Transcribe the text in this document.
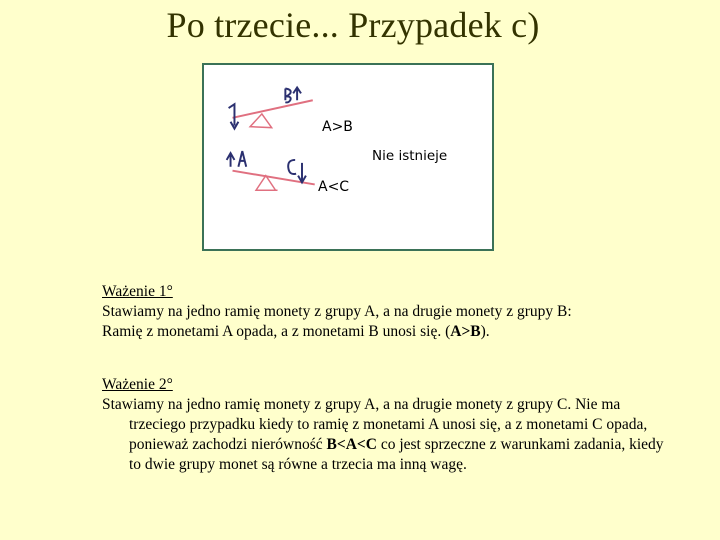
Po trzecie... Przypadek c)
A>B
A<C
Nie istnieje
Ważenie 1°
Stawiamy na jedno ramię monety z grupy A, a na drugie monety z grupy B:
Ramię z monetami A opada, a z monetami B unosi się. (A>B).
Ważenie 2°
Stawiamy na jedno ramię monety z grupy A, a na drugie monety z grupy C. Nie ma trzeciego przypadku kiedy to ramię z monetami A unosi się, a z monetami C opada, ponieważ zachodzi nierówność B<A<C co jest sprzeczne z warunkami zadania, kiedy to dwie grupy monet są równe a trzecia ma inną wagę.
